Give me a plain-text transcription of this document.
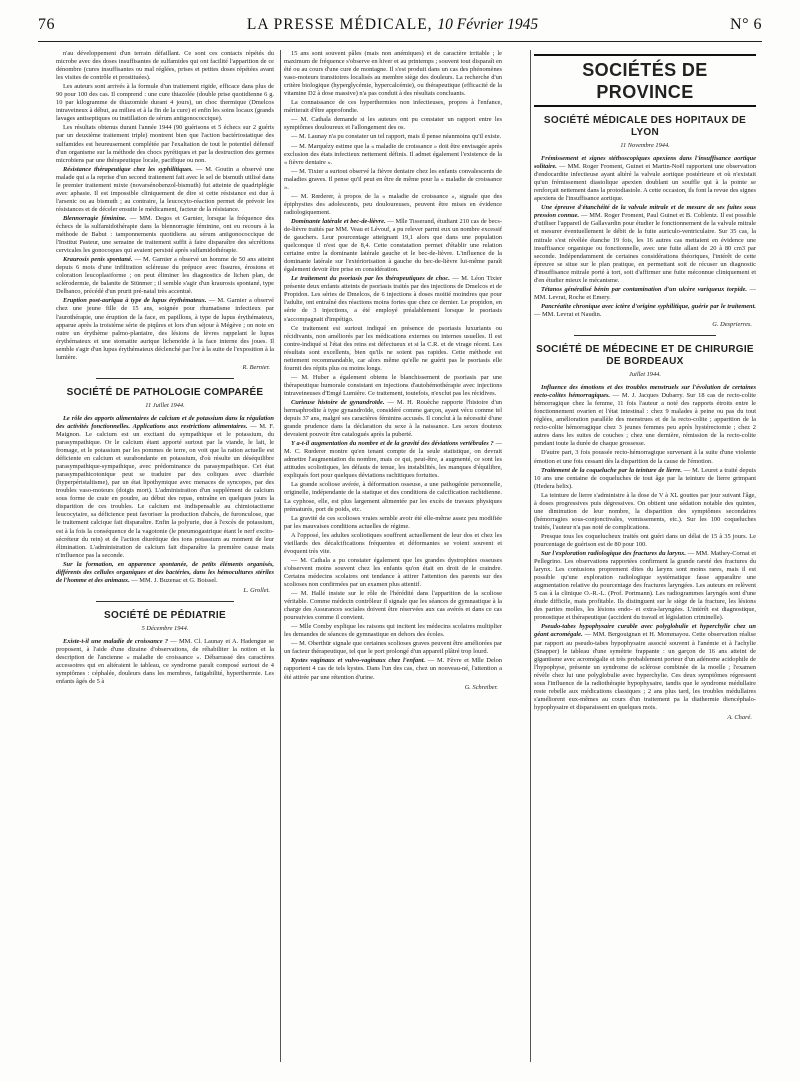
76	LA PRESSE MÉDICALE, 10 Février 1945	N° 6

n'au développement d'un terrain défaillant. Ce sont ces contacts répétés du microbe avec des doses insuffisantes de sulfamides qui ont facilité l'apparition de ce dénombre (cures insuffisantes ou mal réglées, prises et petites doses répétées avant les visites de contrôle et prostituées).

Les auteurs sont arrivés à la formule d'un traitement rigide, efficace dans plus de 90 pour 100 des cas. Il comprend : une cure thiazolée (double prise quotidienne 6 g. 10 par kilogramme de thiazomide durant 4 jours), un choc thermique (Dmelcos intraveineux à début, au milieu et à la fin de la cure) et enfin les soins locaux (grands lavages antiseptiques ou instillation de sérum antigonococcique).

Les résultats obtenus durant l'année 1944 (90 guérisons et 5 échecs sur 2 guéris par un deuxième traitement triple) montrent bien que l'action bactériostatique des sulfamides est heureusement complétée par l'exaltation de tout le potentiel défensif d'un organisme sur la méthode des chocs pyrétiques et par la destruction des germes microbiens par une thérapeutique locale, pacifique ou non.

Résistance thérapeutique chez les syphilitiques. — M. Goutin a observé une malade qui a la reprise d'un second traitement fait avec le sel de bismuth utilisé dans le premier traitement mixte (novarsénobenzol-bismuth) fut atteinte de quadriplégie avec aphasie. Il est impossible cliniquement de dire si cette résistance est due à l'arsenic ou au bismuth ; au contraire, la leucocyto-réaction permet de prévoir les résistances et de déceler ensuite le médicament, facteur de la résistance.

Blennorragie féminine. — MM. Degos et Garnier, lorsque la fréquence des échecs de la sulfamidothérapie dans la blennorragie féminine, ont eu recours à la méthode de Babut : tamponnements quotidiens au sérum antigonococcique de l'Institut Pasteur, une semaine de traitement suffit à faire disparaître des sécrétions cervicales les gonocoques qui avaient persisté après sulfamidothérapie.

Kraurosis penis spontané. — M. Garnier a observé un homme de 50 ans atteint depuis 6 mois d'une infiltration scléreuse du prépuce avec fissures, érosions et coloration leucoplasiforme ; on peut éliminer les diagnostics de lichen plan, de sclérodermie, de balanite de Stünmer ; il semble s'agir d'un kraurosis spontané, type Delbanco, précédé d'un prurit pré-natal très accentué.

Eruption post-auriqua à type de lupus érythémateux. — M. Garnier a observé chez une jeune fille de 15 ans, soignée pour rhumatisme infectieux par l'aurothérapie, une éruption de la face, en papillons, à type de lupus érythémateux, apparue après la troisième série de piqûres et lors d'un séjour à Mégève ; on note en outre un érythème palmo-plantaire, des lésions de lèvres rappelant le lupus érythémateux et une stomatite aurique lichenoïde à la face interne des joues. Il semble s'agir d'un lupus érythémateux déclenché par l'or à la suite de l'exposition à la lumière.

R. Bernier.

SOCIÉTÉ DE PATHOLOGIE COMPARÉE

11 Juillet 1944.

Le rôle des apports alimentaires de calcium et de potassium dans la régulation des activités fonctionnelles. Applications aux restrictions alimentaires. — M. F. Maignon. Le calcium est un excitant du sympathique et le potassium, du parasympathique. Or le calcium étant apporté surtout par la viande, le lait, le fromage, et le potassium par les pommes de terre, on voit que la ration actuelle est déficiente en calcium et surabondante en potassium, d'où résulte un déséquilibre parasympathique-sympathique, avec prédominance du parasympathique. Cet état parasympathicotonique peut se traduire par des coliques avec diarrhée (hyperpéristaltisme), par un état lipothymique avec menaces de syncopes, par des troubles vaso-moteurs (doigts mort). L'administration d'un supplément de calcium sous forme de craie en poudre, au début des repas, entraîne en quelques jours la disparition de ces troubles. Le calcium est indispensable au chimiotactisme leucocytaire, sa déficience peut favoriser la production d'abcès, de furonculose, que le traitement calcique fait disparaître. Enfin la polyurie, due à l'excès de potassium, est à la fois la conséquence de la vagotonie (le pneumogastrique étant le nerf excito-sécréteur du rein) et de l'action diurétique des ions potassium au moment de leur élimination. L'administration de calcium fait disparaître la première cause mais n'influence pas la seconde.

Sur la formation, en apparence spontanée, de petits éléments organisés, différents des cellules organiques et des bactéries, dans les hémocultures stériles de l'homme et des animaux. — MM. J. Buzenac et G. Boissel.

L. Grollet.

SOCIÉTÉ DE PÉDIATRIE

5 Décembre 1944.

Existe-t-il une maladie de croissance ? — MM. Cl. Launay et A. Hadengue se proposent, à l'aide d'une dizaine d'observations, de réhabiliter la notion et la description de l'ancienne « maladie de croissance ». Débarrassé des caractères accessoires qui en altéraient le tableau, ce syndrome paraît composé surtout de 4 symptômes : céphalée, douleurs dans les membres, fatigabilité, hyperthermie. Les enfants âgés de 5 à

15 ans sont souvent pâles (mais non anémiques) et de caractère irritable ; le maximum de fréquence s'observe en hiver et au printemps ; souvent tout disparaît en été ou au cours d'une cure de montagne. Il s'est produit dans un cas des phénomènes vaso-moteurs transitoires localisés au membre siège des douleurs. La recherche d'un critère biologique (hyperglycémie, hypercalcémie), ou thérapeutique (efficacité de la vitamine D2 à dose massive) n'a pas conduit à des résultats concluants.

La connaissance de ces hyperthermies non infectieuses, propres à l'enfance, mériterait d'être approfondie.

— M. Cathala demande si les auteurs ont pu constater un rapport entre les symptômes douloureux et l'allongement des os.

— M. Launay n'a pu constater un tel rapport, mais il pense néanmoins qu'il existe.

— M. Marquézy estime que la « maladie de croissance » doit être envisagée après exclusion des états infectieux nettement définis. Il admet également l'existence de la « fièvre dentaire ».

— M. Tixier a surtout observé la fièvre dentaire chez les enfants convalescents de maladies graves. Il pense qu'il peut en être de même pour la « maladie de croissance ».

— M. Rœderer, à propos de la « maladie de croissance », signale que des épiphysites des adolescents, peu douloureuses, peuvent être mises en évidence radiologiquement.

Dominante latérale et bec-de-lièvre. — Mlle Tisserand, étudiant 210 cas de becs-de-lièvre traités par MM. Veau et Lévouf, a pu relever parmi eux un nombre excessif de gauchers. Leur pourcentage atteignant 19,1 alors que dans une population quelconque il n'est que de 8,4. Cette constatation permet d'établir une relation certaine entre la dominante latérale gauche et le bec-de-lièvre. L'influence de la dominante latérale sur l'extériorisation à gauche du bec-de-lièvre lui-même paraît également devoir être prise en considération.

Le traitement du psoriasis par les thérapeutiques de choc. — M. Léon Tixier présente deux enfants atteints de psoriasis traités par des injections de Dmelcos et de Propidon. Les séries de Dmelcos, de 6 injections à doses moitié moindres que pour l'adulte, ont entraîné des réactions moins fortes que chez ce dernier. Le propidon, en série de 3 injections, a été employé préalablement lorsque le psoriasis s'accompagnait d'impétigo.

Ce traitement est surtout indiqué en présence de psoriasis luxuriants ou récidivants, non améliorés par les médications externes ou internes usuelles. Il est contre-indiqué si l'état des reins est défectueux et si la C.R. et de virage récent. Les résultats sont excellents, bien qu'ils ne soient pas rapides. Cette méthode est nettement recommandable, car alors même qu'elle ne guérit pas le psoriasis elle fournit des répits plus ou moins longs.

— M. Huber a également obtenu le blanchissement de psoriasis par une thérapeutique humorale consistant en injections d'autohémothérapie avec injections intraveineuses d'Emgé Lumière. Ce traitement, toutefois, n'exclut pas les récidives.

Curieuse histoire de gynandroïde. — M. H. Rouèche rapporte l'histoire d'un hermaphrodite à type gynandroïde, considéré comme garçon, ayant vécu comme tel depuis 37 ans, malgré ses caractères féminins accusés. Il conclut à la nécessité d'une grande prudence dans la déclaration du sexe à la naissance. Les sexes douteux devraient pouvoir être catalogués après la puberté.

Y a-t-il augmentation du nombre et de la gravité des déviations vertébrales ? — M. C. Rœderer montre qu'en tenant compte de la seule statistique, on devrait admettre l'augmentation du nombre, mais ce qui, peut-être, a augmenté, ce sont les attitudes scoliotiques, les défauts de tenue, les instabilités, les manques d'équilibre, expliqués fort pour quelques déviations rachitiques fortuites.

La grande scoliose avérée, à déformation osseuse, a une pathogénie personnelle, originelle, indépendante de la statique et des conditions de calcification rachidienne. La cyphose, elle, est plus largement alimentée par les excès de travaux physiques prématurés, port de poids, etc.

La gravité de ces scolioses vraies semble avoir été elle-même assez peu modifiée par les mauvaises conditions actuelles de régime.

A l'opposé, les adultes scoliotiques souffrent actuellement de leur dos et chez les vieillards des décalcifications fréquentes et déformantes se voient souvent et évoquent très vite.

— M. Cathala a pu constater également que les grandes dystrophies osseuses s'observent moins souvent chez les enfants qu'on était en droit de le craindre. Certains médecins scolaires ont tendance à attirer l'attention des parents sur des scolioses non confirmées par un examen plus attentif.

— M. Hallé insiste sur le rôle de l'hérédité dans l'apparition de la scoliose véritable. Comme médecin contrôleur il signale que les séances de gymnastique à la charge des Assurances sociales doivent être réservées aux cas avérés et dans ce cas poursuivies comme il convient.

— Mlle Comby explique les raisons qui incitent les médecins scolaires multiplier les demandes de séances de gymnastique en dehors des écoles.

— M. Oberthür signale que certaines scolioses graves peuvent être améliorées par un facteur thérapeutique, tel que le port prolongé d'un appareil plâtré trop lourd.

Kystes vaginaux et vulvo-vaginaux chez l'enfant. — M. Fèvre et Mlle Delon rapportent 4 cas de tels kystes. Dans l'un des cas, chez un nouveau-né, l'attention a été attirée par une rétention d'urine.

G. Schreiber.

SOCIÉTÉS DE PROVINCE
SOCIÉTÉ MÉDICALE DES HOPITAUX DE LYON

11 Novembre 1944.

Frémissement et signes stéthoscopiques apexiens dans l'insuffisance aortique solitaire. — MM. Roger Froment, Guinet et Martin-Noël rapportent une observation d'endocardite infectieuse ayant altéré la valvule aortique postérieure et où n'existait qu'un frémissement diastolique apexien doublant un souffle qui à la pointe se renforçait nettement dans la protodiastole. A cette occasion, ils font la revue des signes apexiens de l'insuffisance aortique.

Une épreuve d'étanchéité de la valvule mitrale et de mesure de ses fuites sous pression connue. — MM. Roger Froment, Paul Guinet et B. Coblentz. Il est possible d'utiliser l'appareil de Gallavardin pour étudier le fonctionnement de la valvule mitrale et mesurer éventuellement le débit de la fuite auriculo-ventriculaire. Sur 35 cas, la mitrale s'est révélée étanche 19 fois, les 16 autres cas mettaient en évidence une insuffisance organique ou fonctionnelle, avec une fuite allant de 20 à 80 cm3 par seconde. Indépendamment de certaines considérations théoriques, l'intérêt de cette épreuve se situe sur le plan pratique, en permettant soit de récuser un diagnostic d'insuffisance mitrale porté à tort, soit d'affirmer une fuite méconnue cliniquement et d'en étudier mieux le mécanisme.

Tétanos généralisé bénin par contamination d'un ulcère variqueux torpide. — MM. Levrat, Roche et Emery.

Pancréatite chronique avec ictère d'origine syphilitique, guérie par le traitement. — MM. Levrat et Naudin.

G. Desprierres.

SOCIÉTÉ DE MÉDECINE ET DE CHIRURGIE DE BORDEAUX

Juillet 1944.

Influence des émotions et des troubles menstruels sur l'évolution de certaines recto-colites hémorragiques. — M. J. Jacques Dubarry. Sur 18 cas de recto-colite hémorragique chez la femme, 11 fois l'auteur a noté des rapports étroits entre le fonctionnement ovarien et l'état intestinal : chez 9 malades à peine ou pas du tout réglées, amélioration parallèle des menstrues et de la recto-colite ; apparition de la recto-colite hémorragique chez 3 jeunes femmes peu après hystérectomie ; chez 2 autres dans les suites de couches ; chez une dernière, rémission de la recto-colite pendant toute la durée de chaque grossesse.

D'autre part, 3 fois poussée recto-hémorragique survenant à la suite d'une violente émotion et une fois cessant dès la disparition de la cause de l'émotion.

Traitement de la coqueluche par la teinture de lierre. — M. Leuret a traité depuis 10 ans une centaine de coqueluches de tout âge par la teinture de lierre grimpant (Hedera helix).

La teinture de lierre s'administre à la dose de V à XL gouttes par jour suivant l'âge, à doses progressives puis dégressives. On obtient une sédation notable des quintes, une diminution de leur nombre, la disparition des symptômes secondaires (hémorragies sous-conjonctivales, vomissements, etc.). Sur les 100 coqueluches traités, l'auteur n'a pas noté de complications.

Presque tous les coquelucheux traités ont guéri dans un délai de 15 à 35 jours. Le pourcentage de guérison est de 80 pour 100.

Sur l'exploration radiologique des fractures du larynx. — MM. Mathey-Cornat et Pellegrino. Les observations rapportées confirment la grande rareté des fractures du larynx. Les contusions proprement dites du larynx sont moins rares, mais il est possible qu'une exploration radiologique systématique fasse apparaître une augmentation relative du pourcentage des fractures laryngées. Les auteurs en relèvent 5 cas à la clinique O.-R.-L. (Prof. Portmann). Les radiogrammes laryngés sont d'une étude difficile, mais profitable. Ils distinguent sur le siège de la fracture, les lésions des parties molles, les lésions endo- et extra-laryngées. L'intérêt est diagnostique, pronostique et thérapeutique (accident du travail et législation criminelle).

Pseudo-tabes hypophysaire curable avec polyglobulie et hyperchylie chez un géant acromégale. — MM. Bergouignan et H. Mommayou. Cette observation réalise par rapport au pseudo-tabes hypophysaire associé souvent à l'anémie et à l'achylie (Snapper) le tableau d'une symétrie frappante : un garçon de 16 ans atteint de gigantisme avec acromégalie et très probablement porteur d'un adénome acidophile de l'hypophyse, présente un syndrome de sclérose combinée de la moelle ; l'examen révèle chez lui une polyglobulie avec hyperchylie. Ces deux symptômes régressent sous l'influence de la radiothérapie hypophysaire, tandis que le syndrome médullaire reste rebelle aux médications classiques ; 2 ans plus tard, les troubles médullaires s'améliorent eux-mêmes au cours d'un traitement pa la diathermie diencéphalo-hypophysaire et disparaissent en quelques mois.

A. Charé.
